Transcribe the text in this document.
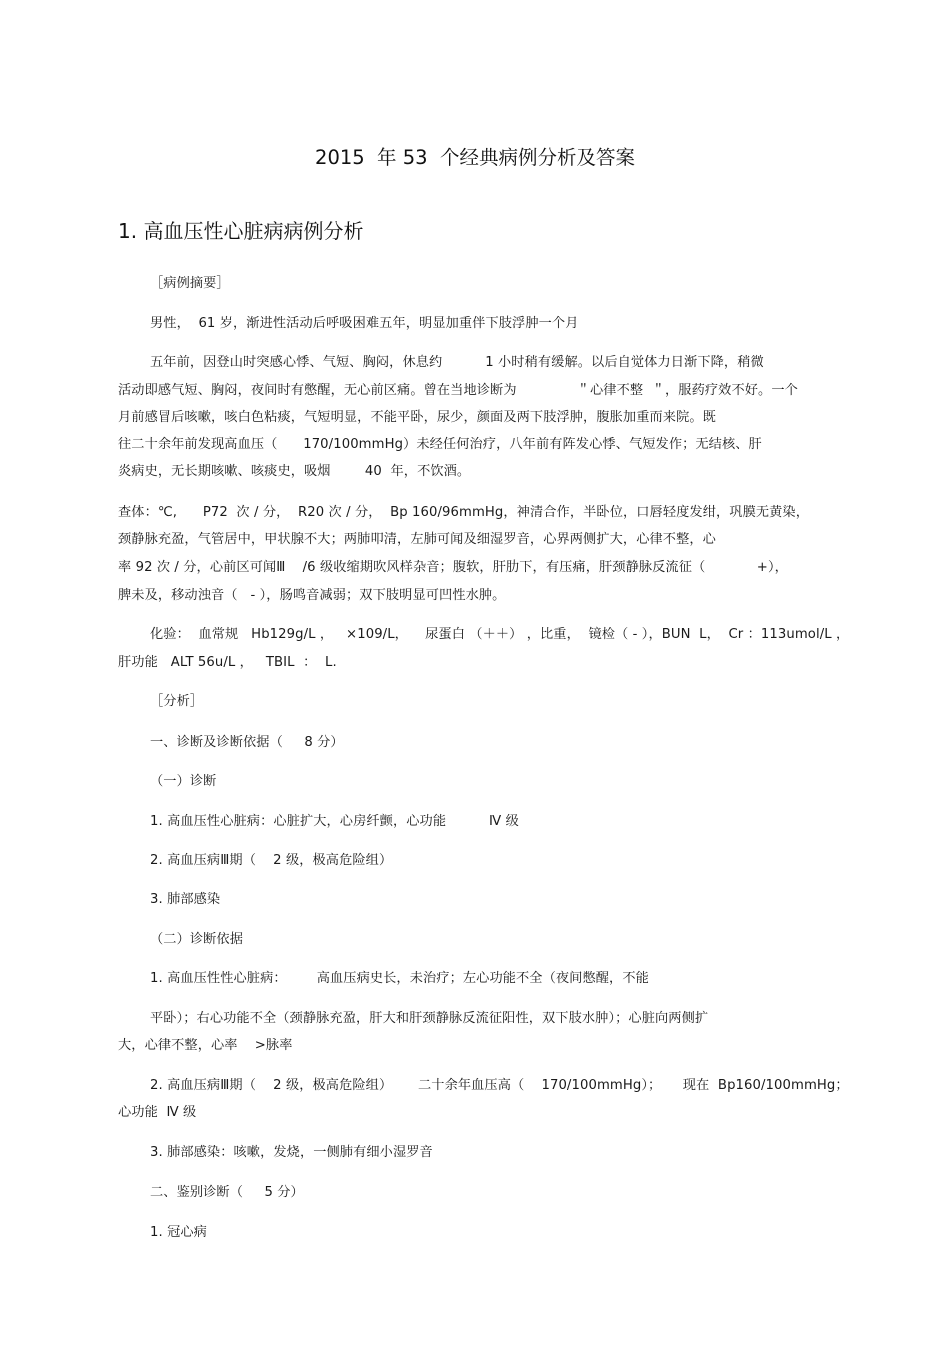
2015  年 53  个经典病例分析及答案
1. 高血压性心脏病病例分析
［病例摘要］
男性，  61 岁，渐进性活动后呼吸困难五年，明显加重伴下肢浮肿一个月
五年前，因登山时突感心悸、气短、胸闷，休息约          1 小时稍有缓解。以后自觉体力日渐下降，稍微
活动即感气短、胸闷，夜间时有憋醒，无心前区痛。曾在当地诊断为              ＂心律不整  ＂，服药疗效不好。一个
月前感冒后咳嗽，咳白色粘痰，气短明显，不能平卧，尿少，颜面及两下肢浮肿，腹胀加重而来院。既
往二十余年前发现高血压（      170/100mmHg）未经任何治疗，八年前有阵发心悸、气短发作；无结核、肝
炎病史，无长期咳嗽、咳痰史，吸烟        40  年，不饮酒。
查体：℃,      P72  次 / 分，  R20 次 / 分，  Bp 160/96mmHg，神清合作，半卧位，口唇轻度发绀，巩膜无黄染，
颈静脉充盈，气管居中，甲状腺不大；两肺叩清，左肺可闻及细湿罗音，心界两侧扩大，心律不整，心
率 92 次 / 分，心前区可闻Ⅲ    /6 级收缩期吹风样杂音；腹软，肝肋下，有压痛，肝颈静脉反流征（            +），
脾未及，移动浊音（   - ），肠鸣音减弱；双下肢明显可凹性水肿。
化验：  血常规   Hb129g/L ，   ×109/L，    尿蛋白 （＋＋） ，比重，  镜检（ - ），BUN  L，  Cr ：113umol/L ，
肝功能   ALT 56u/L ，   TBIL  ：  L.
［分析］
一、诊断及诊断依据（     8 分）
（一）诊断
1. 高血压性心脏病：心脏扩大，心房纤颤，心功能          Ⅳ 级
2. 高血压病Ⅲ期（    2 级，极高危险组）
3. 肺部感染
（二）诊断依据
1. 高血压性性心脏病：       高血压病史长，未治疗；左心功能不全（夜间憋醒，不能
平卧）；右心功能不全（颈静脉充盈，肝大和肝颈静脉反流征阳性，双下肢水肿）；心脏向两侧扩
大，心律不整，心率    >脉率
2. 高血压病Ⅲ期（    2 级，极高危险组）      二十余年血压高（    170/100mmHg）；     现在  Bp160/100mmHg；
心功能  Ⅳ 级
3. 肺部感染：咳嗽，发烧，一侧肺有细小湿罗音
二、鉴别诊断（     5 分）
1. 冠心病
